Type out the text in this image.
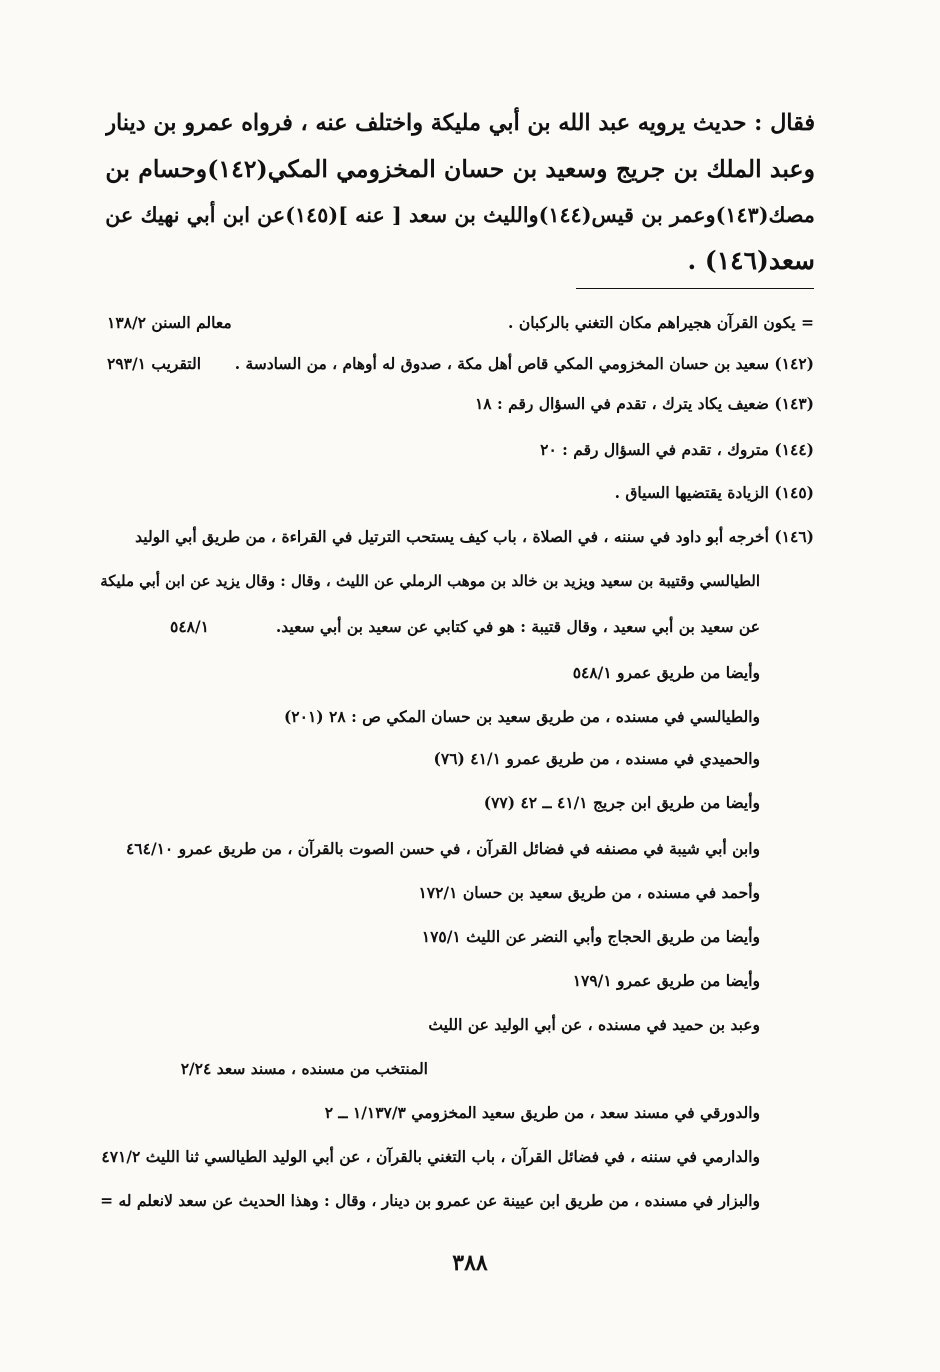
فقال : حديث يرويه عبد الله بن أبي مليكة واختلف عنه ، فرواه عمرو بن دينار
وعبد الملك بن جريج وسعيد بن حسان المخزومي المكي(١٤٢)وحسام بن
مصك(١٤٣)وعمر بن قيس(١٤٤)والليث بن سعد [ عنه ](١٤٥)عن ابن أبي نهيك عن
سعد(١٤٦) .
= يكون القرآن هجيراهم مكان التغني بالركبان .
معالم السنن ١٣٨/٢
(١٤٢) سعيد بن حسان المخزومي المكي قاص أهل مكة ، صدوق له أوهام ، من السادسة .
التقريب ٢٩٣/١
(١٤٣) ضعيف يكاد يترك ، تقدم في السؤال رقم : ١٨
(١٤٤) متروك ، تقدم في السؤال رقم : ٢٠
(١٤٥) الزيادة يقتضيها السياق .
(١٤٦) أخرجه أبو داود في سننه ، في الصلاة ، باب كيف يستحب الترتيل في القراءة ، من طريق أبي الوليد
الطيالسي وقتيبة بن سعيد ويزيد بن خالد بن موهب الرملي عن الليث ، وقال : وقال يزيد عن ابن أبي مليكة
عن سعيد بن أبي سعيد ، وقال قتيبة : هو في كتابي عن سعيد بن أبي سعيد.
٥٤٨/١
وأيضا من طريق عمرو ٥٤٨/١
والطيالسي في مسنده ، من طريق سعيد بن حسان المكي ص : ٢٨ (٢٠١)
والحميدي في مسنده ، من طريق عمرو ٤١/١ (٧٦)
وأيضا من طريق ابن جريج ٤١/١ ــ ٤٢ (٧٧)
وابن أبي شيبة في مصنفه في فضائل القرآن ، في حسن الصوت بالقرآن ، من طريق عمرو ٤٦٤/١٠
وأحمد في مسنده ، من طريق سعيد بن حسان ١٧٢/١
وأيضا من طريق الحجاج وأبي النضر عن الليث ١٧٥/١
وأيضا من طريق عمرو ١٧٩/١
وعبد بن حميد في مسنده ، عن أبي الوليد عن الليث
المنتخب من مسنده ، مسند سعد ٢/٢٤
والدورقي في مسند سعد ، من طريق سعيد المخزومي ١/١٣٧/٣ ــ ٢
والدارمي في سننه ، في فضائل القرآن ، باب التغني بالقرآن ، عن أبي الوليد الطيالسي ثنا الليث ٤٧١/٢
والبزار في مسنده ، من طريق ابن عيينة عن عمرو بن دينار ، وقال : وهذا الحديث عن سعد لانعلم له =
٣٨٨
